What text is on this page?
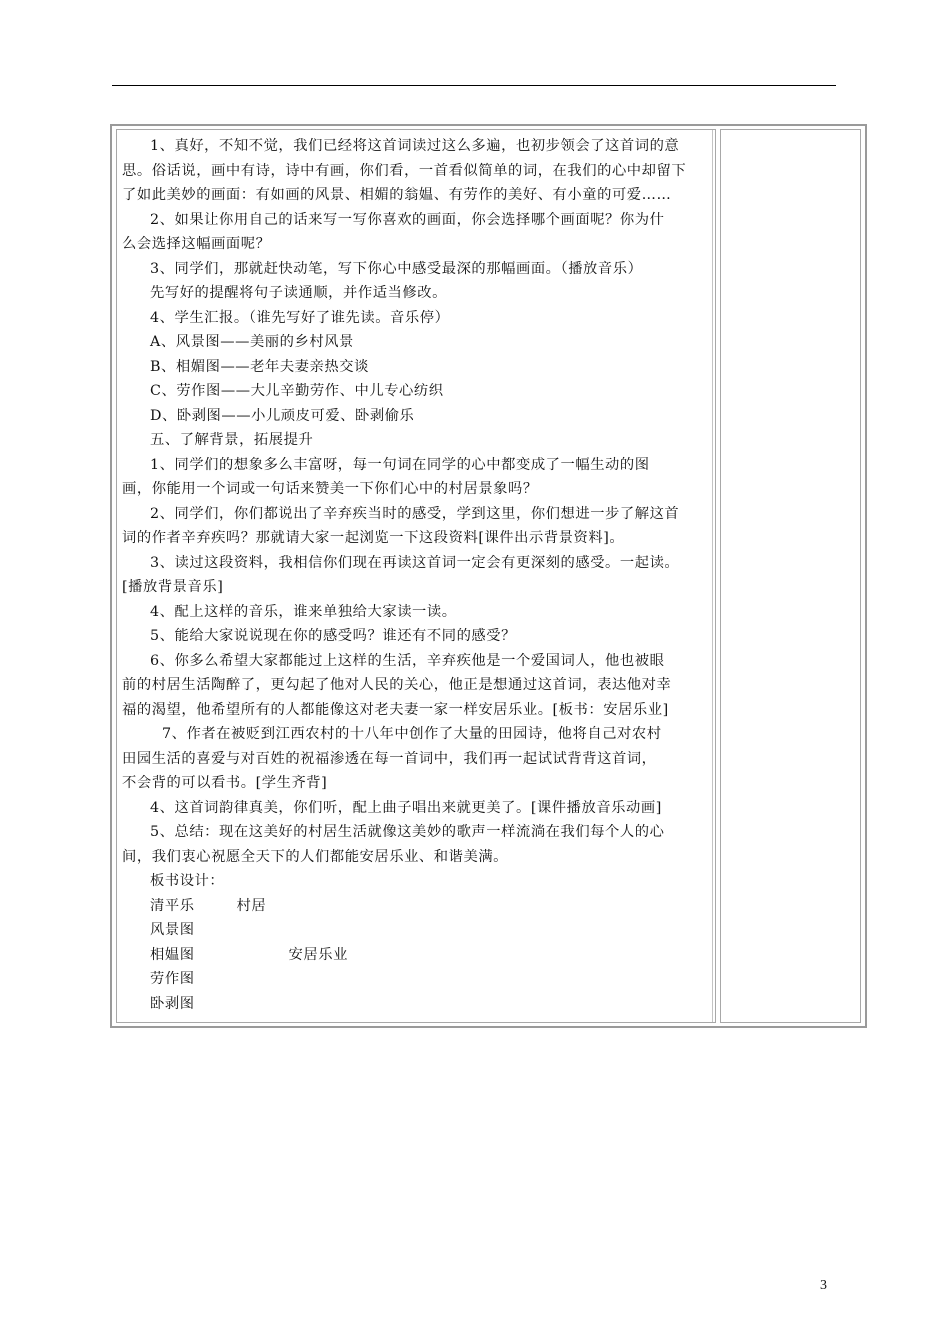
1、真好，不知不觉，我们已经将这首词读过这么多遍，也初步领会了这首词的意

思。俗话说，画中有诗，诗中有画，你们看，一首看似简单的词，在我们的心中却留下

了如此美妙的画面：有如画的风景、相媚的翁媪、有劳作的美好、有小童的可爱……

2、如果让你用自己的话来写一写你喜欢的画面，你会选择哪个画面呢？你为什

么会选择这幅画面呢？

3、同学们，那就赶快动笔，写下你心中感受最深的那幅画面。（播放音乐）

先写好的提醒将句子读通顺，并作适当修改。

4、学生汇报。（谁先写好了谁先读。音乐停）

A、风景图——美丽的乡村风景

B、相媚图——老年夫妻亲热交谈

C、劳作图——大儿辛勤劳作、中儿专心纺织

D、卧剥图——小儿顽皮可爱、卧剥偷乐

五、了解背景，拓展提升

1、同学们的想象多么丰富呀，每一句词在同学的心中都变成了一幅生动的图

画，你能用一个词或一句话来赞美一下你们心中的村居景象吗？

2、同学们，你们都说出了辛弃疾当时的感受，学到这里，你们想进一步了解这首

词的作者辛弃疾吗？那就请大家一起浏览一下这段资料[课件出示背景资料]。

3、读过这段资料，我相信你们现在再读这首词一定会有更深刻的感受。一起读。

[播放背景音乐]

4、配上这样的音乐，谁来单独给大家读一读。

5、能给大家说说现在你的感受吗？谁还有不同的感受？

6、你多么希望大家都能过上这样的生活，辛弃疾他是一个爱国词人，他也被眼

前的村居生活陶醉了，更勾起了他对人民的关心，他正是想通过这首词，表达他对幸

福的渴望，他希望所有的人都能像这对老夫妻一家一样安居乐业。[板书：安居乐业]

7、作者在被贬到江西农村的十八年中创作了大量的田园诗，他将自己对农村

田园生活的喜爱与对百姓的祝福渗透在每一首词中，我们再一起试试背背这首词，

不会背的可以看书。[学生齐背]

4、这首词韵律真美，你们听，配上曲子唱出来就更美了。[课件播放音乐动画]

5、总结：现在这美好的村居生活就像这美妙的歌声一样流淌在我们每个人的心

间，我们衷心祝愿全天下的人们都能安居乐业、和谐美满。

板书设计：

清平乐	村居

风景图

相媪图	安居乐业

劳作图

卧剥图

3
